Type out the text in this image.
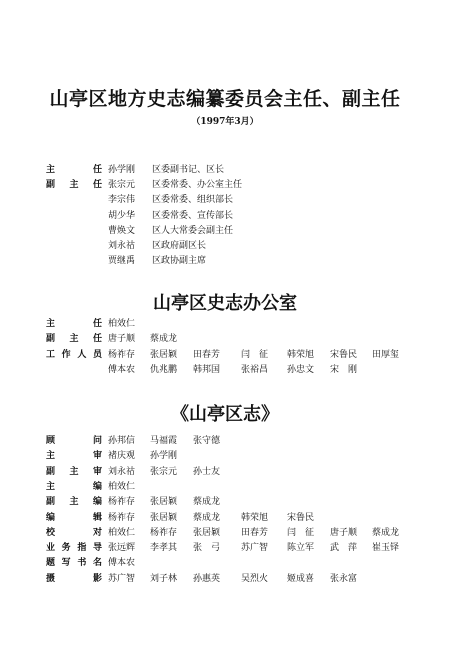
山亭区地方史志编纂委员会主任、副主任
（1997年3月）
主　任 孙学刚 区委副书记、区长
副主任 张宗元 区委常委、办公室主任
李宗伟 区委常委、组织部长
胡少华 区委常委、宣传部长
曹焕文 区人大常委会副主任
刘永祜 区政府副区长
贾继禹 区政协副主席
山亭区史志办公室
主　任 柏效仁
副主任 唐子顺 蔡成龙
工作人员 杨祚存 张居颖 田春芳 闫　征 韩荣旭 宋鲁民 田厚玺
傅本农 仇兆鹏 韩邦国 张裕昌 孙忠文 宋　刚
《山亭区志》
顾　问 孙邦信 马福霞 张守德
主　审 褚庆观 孙学刚
副主审 刘永祜 张宗元 孙士友
主　编 柏效仁
副主编 杨祚存 张居颖 蔡成龙
编　辑 杨祚存 张居颖 蔡成龙 韩荣旭 宋鲁民
校　对 柏效仁 杨祚存 张居颖 田春芳 闫　征 唐子顺 蔡成龙
业务指导 张远辉 李孝其 张　弓 苏广智 陈立军 武　萍 崔玉铎
题写书名 傅本农
摄　影 苏广智 刘子林 孙惠英 吴烈火 姬成喜 张永富
